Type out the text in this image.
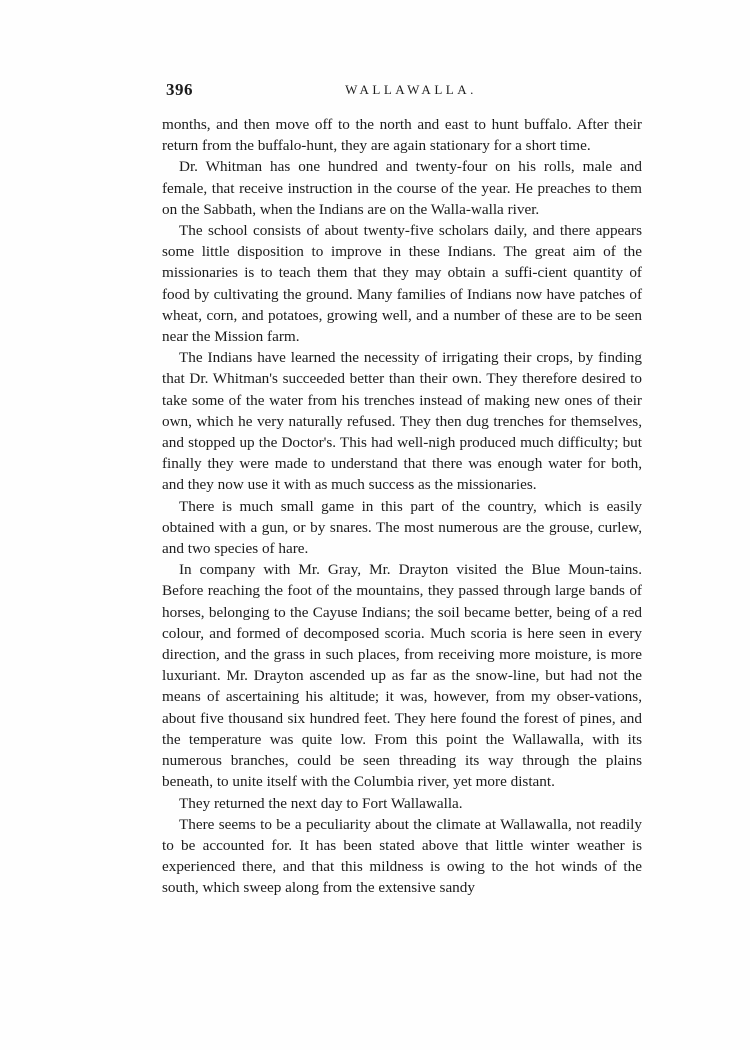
396	WALLAWALLA.

months, and then move off to the north and east to hunt buffalo. After their return from the buffalo-hunt, they are again stationary for a short time.

Dr. Whitman has one hundred and twenty-four on his rolls, male and female, that receive instruction in the course of the year. He preaches to them on the Sabbath, when the Indians are on the Walla-walla river.

The school consists of about twenty-five scholars daily, and there appears some little disposition to improve in these Indians. The great aim of the missionaries is to teach them that they may obtain a suffi-cient quantity of food by cultivating the ground. Many families of Indians now have patches of wheat, corn, and potatoes, growing well, and a number of these are to be seen near the Mission farm.

The Indians have learned the necessity of irrigating their crops, by finding that Dr. Whitman's succeeded better than their own. They therefore desired to take some of the water from his trenches instead of making new ones of their own, which he very naturally refused. They then dug trenches for themselves, and stopped up the Doctor's. This had well-nigh produced much difficulty; but finally they were made to understand that there was enough water for both, and they now use it with as much success as the missionaries.

There is much small game in this part of the country, which is easily obtained with a gun, or by snares. The most numerous are the grouse, curlew, and two species of hare.

In company with Mr. Gray, Mr. Drayton visited the Blue Moun-tains. Before reaching the foot of the mountains, they passed through large bands of horses, belonging to the Cayuse Indians; the soil became better, being of a red colour, and formed of decomposed scoria. Much scoria is here seen in every direction, and the grass in such places, from receiving more moisture, is more luxuriant. Mr. Drayton ascended up as far as the snow-line, but had not the means of ascertaining his altitude; it was, however, from my obser-vations, about five thousand six hundred feet. They here found the forest of pines, and the temperature was quite low. From this point the Wallawalla, with its numerous branches, could be seen threading its way through the plains beneath, to unite itself with the Columbia river, yet more distant.

They returned the next day to Fort Wallawalla.

There seems to be a peculiarity about the climate at Wallawalla, not readily to be accounted for. It has been stated above that little winter weather is experienced there, and that this mildness is owing to the hot winds of the south, which sweep along from the extensive sandy
